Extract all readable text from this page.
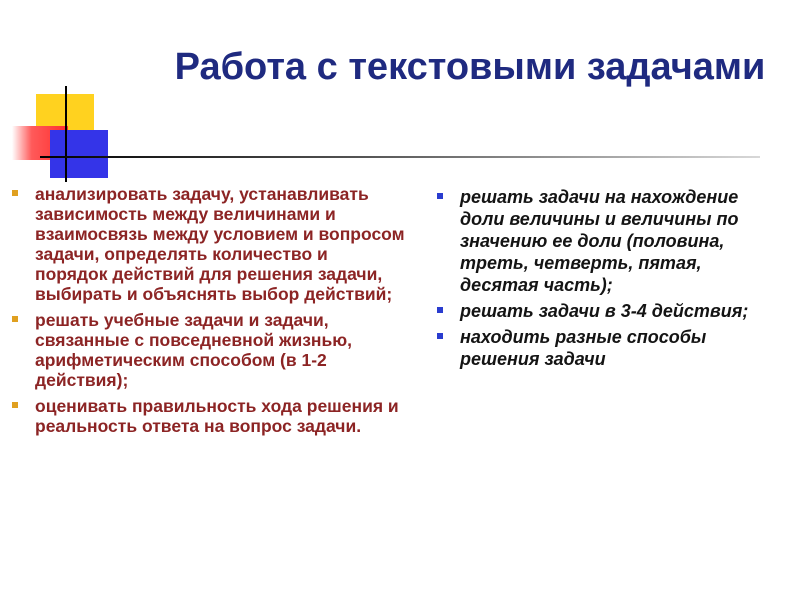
Работа с текстовыми задачами
анализировать задачу, устанавливать зависимость между величинами и взаимосвязь между условием и вопросом задачи, определять количество и порядок действий для решения задачи, выбирать и объяснять выбор действий;
решать учебные задачи и задачи, связанные с повседневной жизнью, арифметическим способом (в 1-2 действия);
оценивать правильность хода решения и реальность ответа на вопрос задачи.
решать задачи на нахождение доли величины и величины по значению ее доли (половина, треть, четверть, пятая, десятая часть);
решать задачи в 3-4 действия;
находить разные способы решения задачи
